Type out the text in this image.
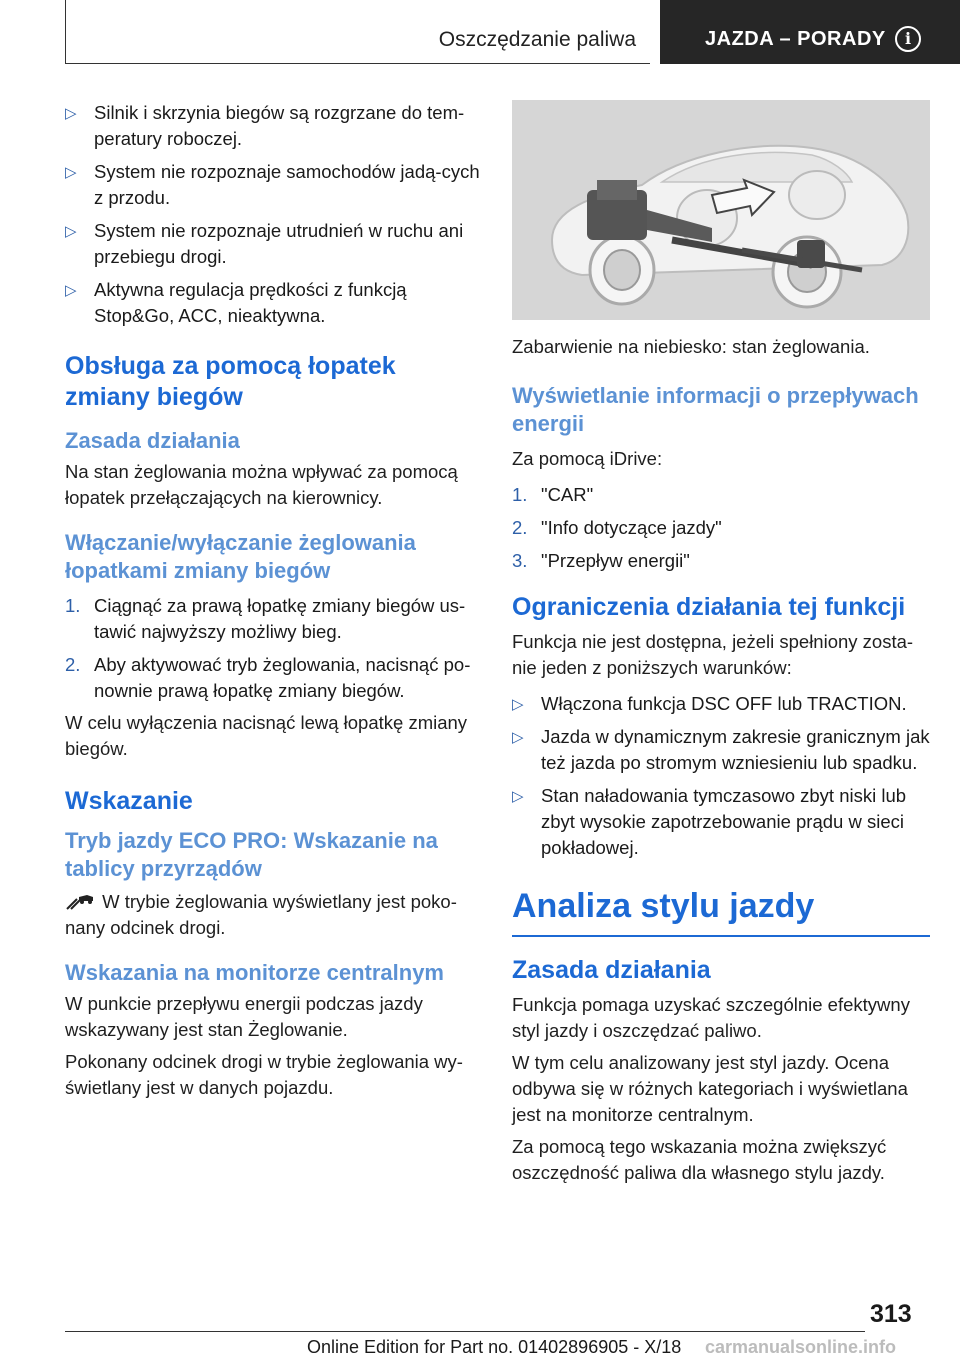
Oszczędzanie paliwa	JAZDA – PORADY	i
▷ Silnik i skrzynia biegów są rozgrzane do tem‐peratury roboczej.
▷ System nie rozpoznaje samochodów jadą‐cych z przodu.
▷ System nie rozpoznaje utrudnień w ruchu ani przebiegu drogi.
▷ Aktywna regulacja prędkości z funkcją Stop&Go, ACC, nieaktywna.
Obsługa za pomocą łopatek zmiany biegów
Zasada działania

Na stan żeglowania można wpływać za pomocą łopatek przełączających na kierownicy.

Włączanie/wyłączanie żeglowania łopatkami zmiany biegów
1. Ciągnąć za prawą łopatkę zmiany biegów us‐tawić najwyższy możliwy bieg.
2. Aby aktywować tryb żeglowania, nacisnąć po‐nownie prawą łopatkę zmiany biegów.

W celu wyłączenia nacisnąć lewą łopatkę zmiany biegów.

Wskazanie
Tryb jazdy ECO PRO: Wskazanie na tablicy przyrządów

W trybie żeglowania wyświetlany jest poko‐nany odcinek drogi.

Wskazania na monitorze centralnym

W punkcie przepływu energii podczas jazdy wskazywany jest stan Żeglowanie.

Pokonany odcinek drogi w trybie żeglowania wy‐świetlany jest w danych pojazdu.

Zabarwienie na niebiesko: stan żeglowania.

Wyświetlanie informacji o przepływach energii

Za pomocą iDrive:

1. "CAR"
2. "Info dotyczące jazdy"
3. "Przepływ energii"
Ograniczenia działania tej funkcji

Funkcja nie jest dostępna, jeżeli spełniony zosta‐nie jeden z poniższych warunków:

▷ Włączona funkcja DSC OFF lub TRACTION.
▷ Jazda w dynamicznym zakresie granicznym jak też jazda po stromym wzniesieniu lub spadku.
▷ Stan naładowania tymczasowo zbyt niski lub zbyt wysokie zapotrzebowanie prądu w sieci pokładowej.
Analiza stylu jazdy
Zasada działania

Funkcja pomaga uzyskać szczególnie efektywny styl jazdy i oszczędzać paliwo.

W tym celu analizowany jest styl jazdy. Ocena odbywa się w różnych kategoriach i wyświetlana jest na monitorze centralnym.

Za pomocą tego wskazania można zwiększyć oszczędność paliwa dla własnego stylu jazdy.

313
Online Edition for Part no. 01402896905 - X/18 carmanualsonline.info
